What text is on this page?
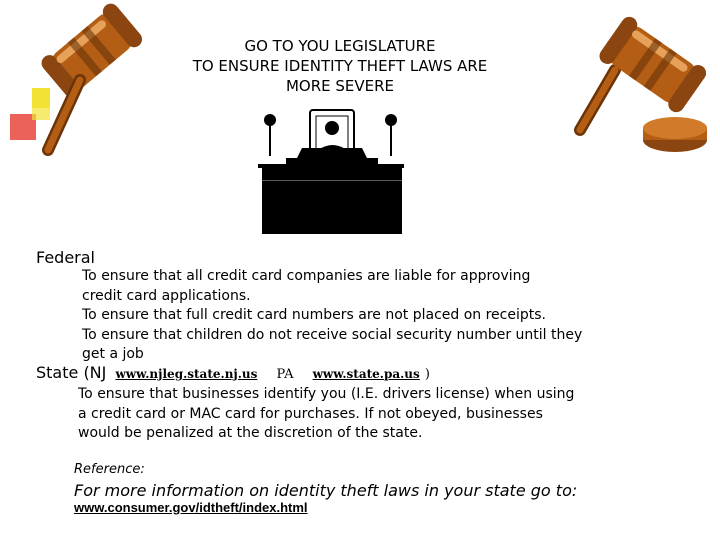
GO TO YOU LEGISLATURE
TO ENSURE IDENTITY THEFT LAWS ARE
MORE SEVERE
Federal
To ensure that all credit card companies are liable for approving
credit card applications.
To ensure that full credit card numbers are not placed on receipts.
To ensure that children do not receive social security number until they
get a job
State (NJ www.njleg.state.nj.us PA www.state.pa.us )
To ensure that businesses identify you (I.E. drivers license) when using
a credit card or MAC card for purchases. If not obeyed, businesses
would be penalized at the discretion of the state.
Reference:
For more information on identity theft laws in your state go to:
www.consumer.gov/idtheft/index.html
